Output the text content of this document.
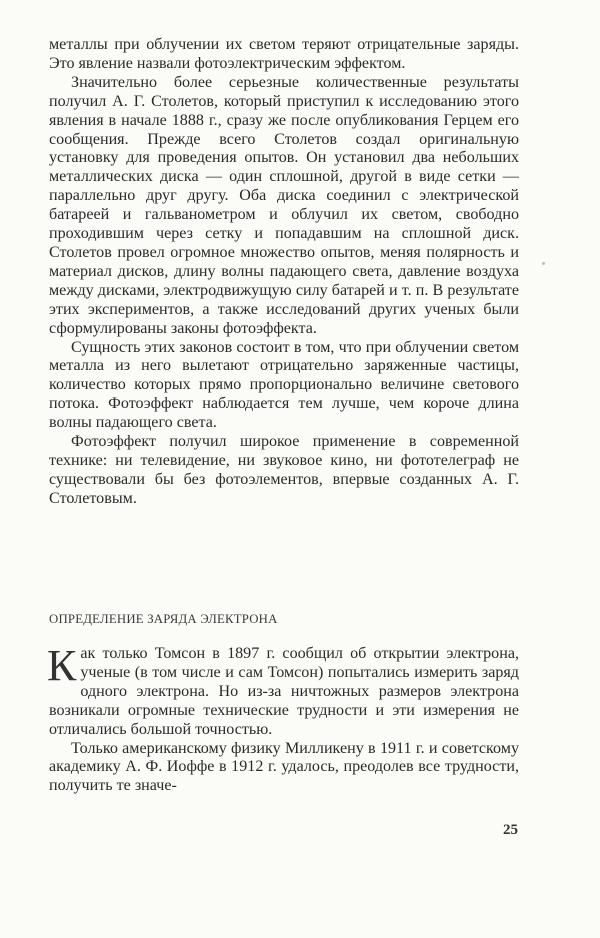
металлы при облучении их светом теряют отрицательные заряды. Это явление назвали фотоэлектрическим эффектом.

Значительно более серьезные количественные результаты получил А. Г. Столетов, который приступил к исследованию этого явления в начале 1888 г., сразу же после опубликования Герцем его сообщения. Прежде всего Столетов создал оригинальную установку для проведения опытов. Он установил два небольших металлических диска — один сплошной, другой в виде сетки — параллельно друг другу. Оба диска соединил с электрической батареей и гальванометром и облучил их светом, свободно проходившим через сетку и попадавшим на сплошной диск. Столетов провел огромное множество опытов, меняя полярность и материал дисков, длину волны падающего света, давление воздуха между дисками, электродвижущую силу батарей и т. п. В результате этих экспериментов, а также исследований других ученых были сформулированы законы фотоэффекта.

Сущность этих законов состоит в том, что при облучении светом металла из него вылетают отрицательно заряженные частицы, количество которых прямо пропорционально величине светового потока. Фотоэффект наблюдается тем лучше, чем короче длина волны падающего света.

Фотоэффект получил широкое применение в современной технике: ни телевидение, ни звуковое кино, ни фототелеграф не существовали бы без фотоэлементов, впервые созданных А. Г. Столетовым.

ОПРЕДЕЛЕНИЕ ЗАРЯДА ЭЛЕКТРОНА

Как только Томсон в 1897 г. сообщил об открытии электрона, ученые (в том числе и сам Томсон) попытались измерить заряд одного электрона. Но из-за ничтожных размеров электрона возникали огромные технические трудности и эти измерения не отличались большой точностью.

Только американскому физику Милликену в 1911 г. и советскому академику А. Ф. Иоффе в 1912 г. удалось, преодолев все трудности, получить те значе-

25
